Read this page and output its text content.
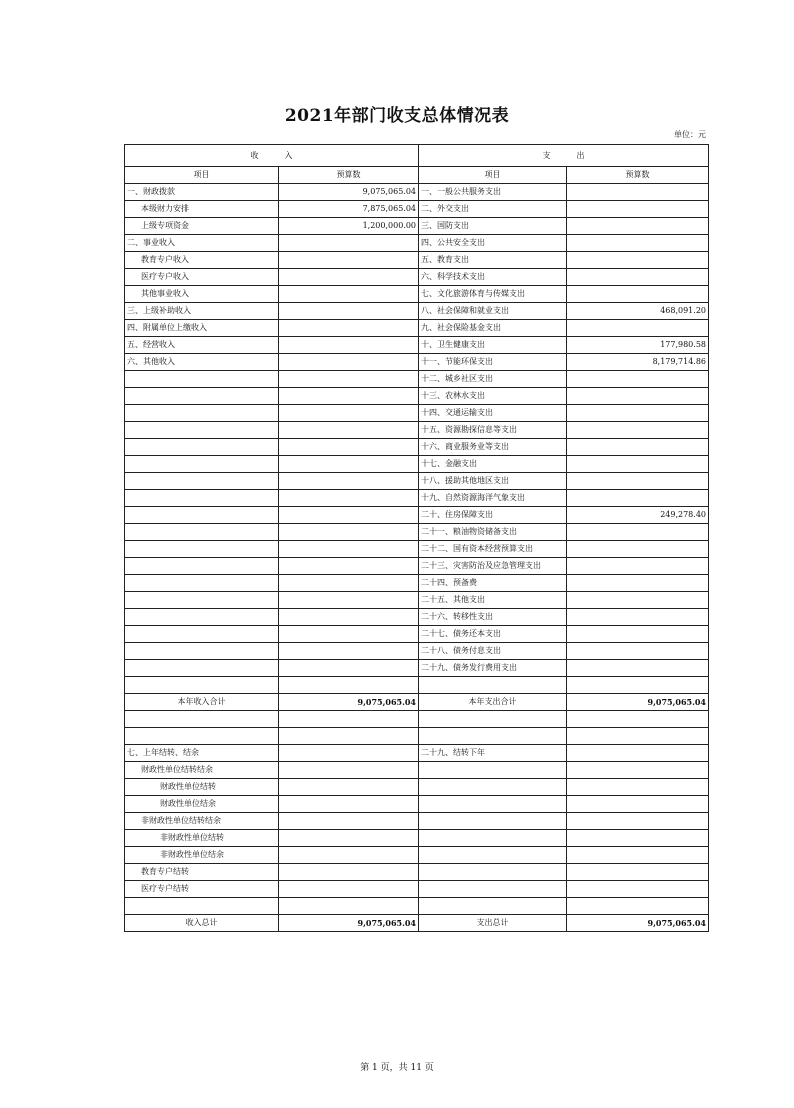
2021年部门收支总体情况表
单位：元
收入		支出	
项目	预算数	项目	预算数
一、财政拨款	9,075,065.04	一、一般公共服务支出	
本级财力安排	7,875,065.04	二、外交支出	
上级专项资金	1,200,000.00	三、国防支出	
二、事业收入		四、公共安全支出	
教育专户收入		五、教育支出	
医疗专户收入		六、科学技术支出	
其他事业收入		七、文化旅游体育与传媒支出	
三、上级补助收入		八、社会保障和就业支出	468,091.20
四、附属单位上缴收入		九、社会保险基金支出	
五、经营收入		十、卫生健康支出	177,980.58
六、其他收入		十一、节能环保支出	8,179,714.86
		十二、城乡社区支出	
		十三、农林水支出	
		十四、交通运输支出	
		十五、资源勘探信息等支出	
		十六、商业服务业等支出	
		十七、金融支出	
		十八、援助其他地区支出	
		十九、自然资源海洋气象支出	
		二十、住房保障支出	249,278.40
		二十一、粮油物资储备支出	
		二十二、国有资本经营预算支出	
		二十三、灾害防治及应急管理支出	
		二十四、预备费	
		二十五、其他支出	
		二十六、转移性支出	
		二十七、债务还本支出	
		二十八、债务付息支出	
		二十九、债务发行费用支出	

本年收入合计	9,075,065.04	本年支出合计	9,075,065.04

七、上年结转、结余		二十九、结转下年	
财政性单位结转结余			
财政性单位结转			
财政性单位结余			
非财政性单位结转结余			
非财政性单位结转			
非财政性单位结余			
教育专户结转			
医疗专户结转			

收入总计	9,075,065.04	支出总计	9,075,065.04
第 1 页，共 11 页
